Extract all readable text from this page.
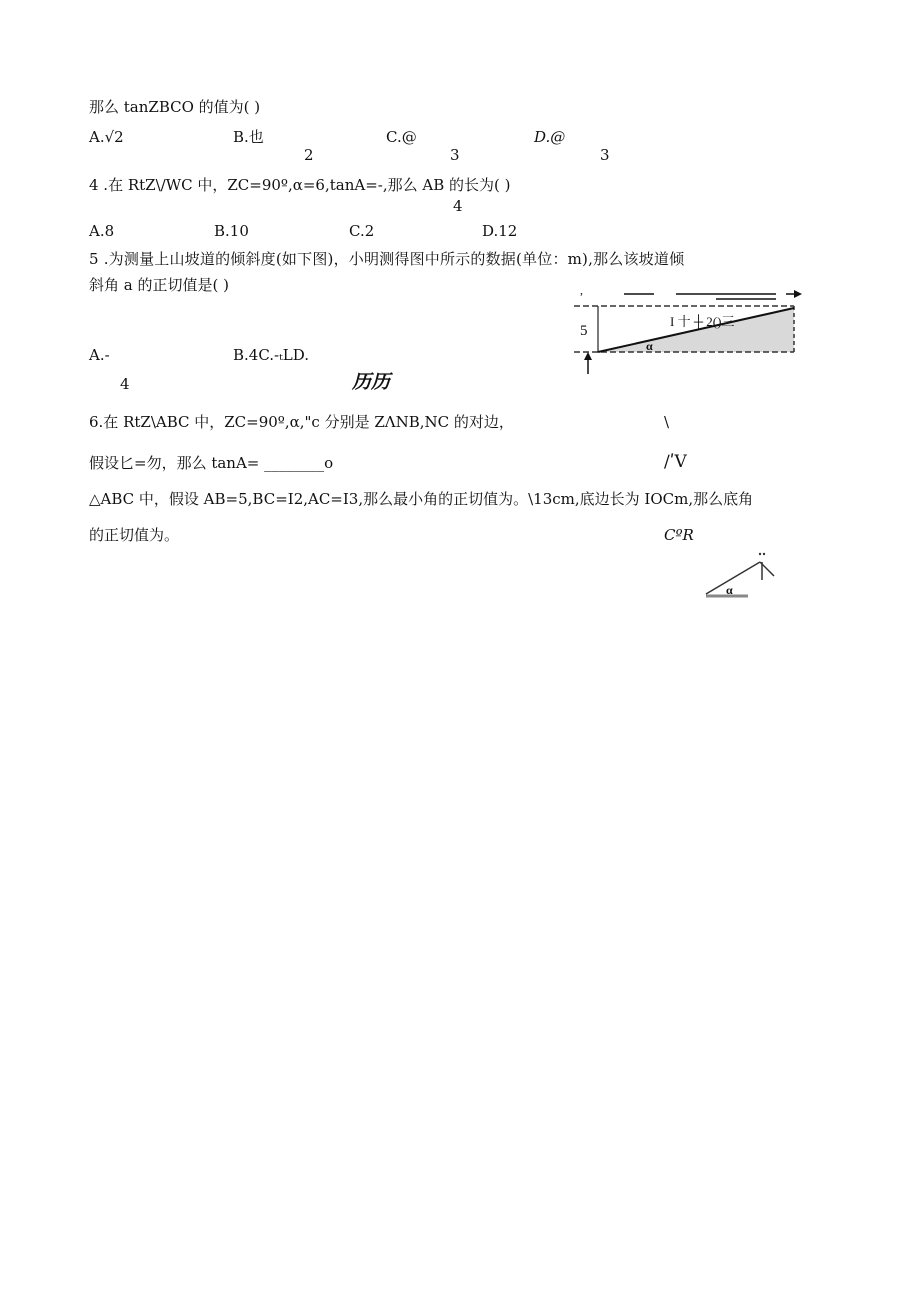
那么 tanZBCO 的值为( )
A.√2	B.也	C.@	D.@
2	3	3
4 .在 RtZ\/WC 中，ZC=90º,α=6,tanA=-,那么 AB 的长为( )
4
A.8	B.10	C.2	D.12
5 .为测量上山坡道的倾斜度(如下图)，小明测得图中所示的数据(单位：m),那么该坡道倾
斜角 a 的正切值是( )
A.-	B.4C.-ₜLD.
4	历历
,
5
I 十 ┼ 2()三
α
6.在 RtZ\ABC 中，ZC=90º,α,"c 分别是 ZΛNB,NC 的对边，	\
假设匕=勿，那么 tanA= ________o	∕ʹV
△ABC 中，假设 AB=5,BC=I2,AC=I3,那么最小角的正切值为。\13cm,底边长为 IOCm,那么底角
的正切值为。	CºR
α
